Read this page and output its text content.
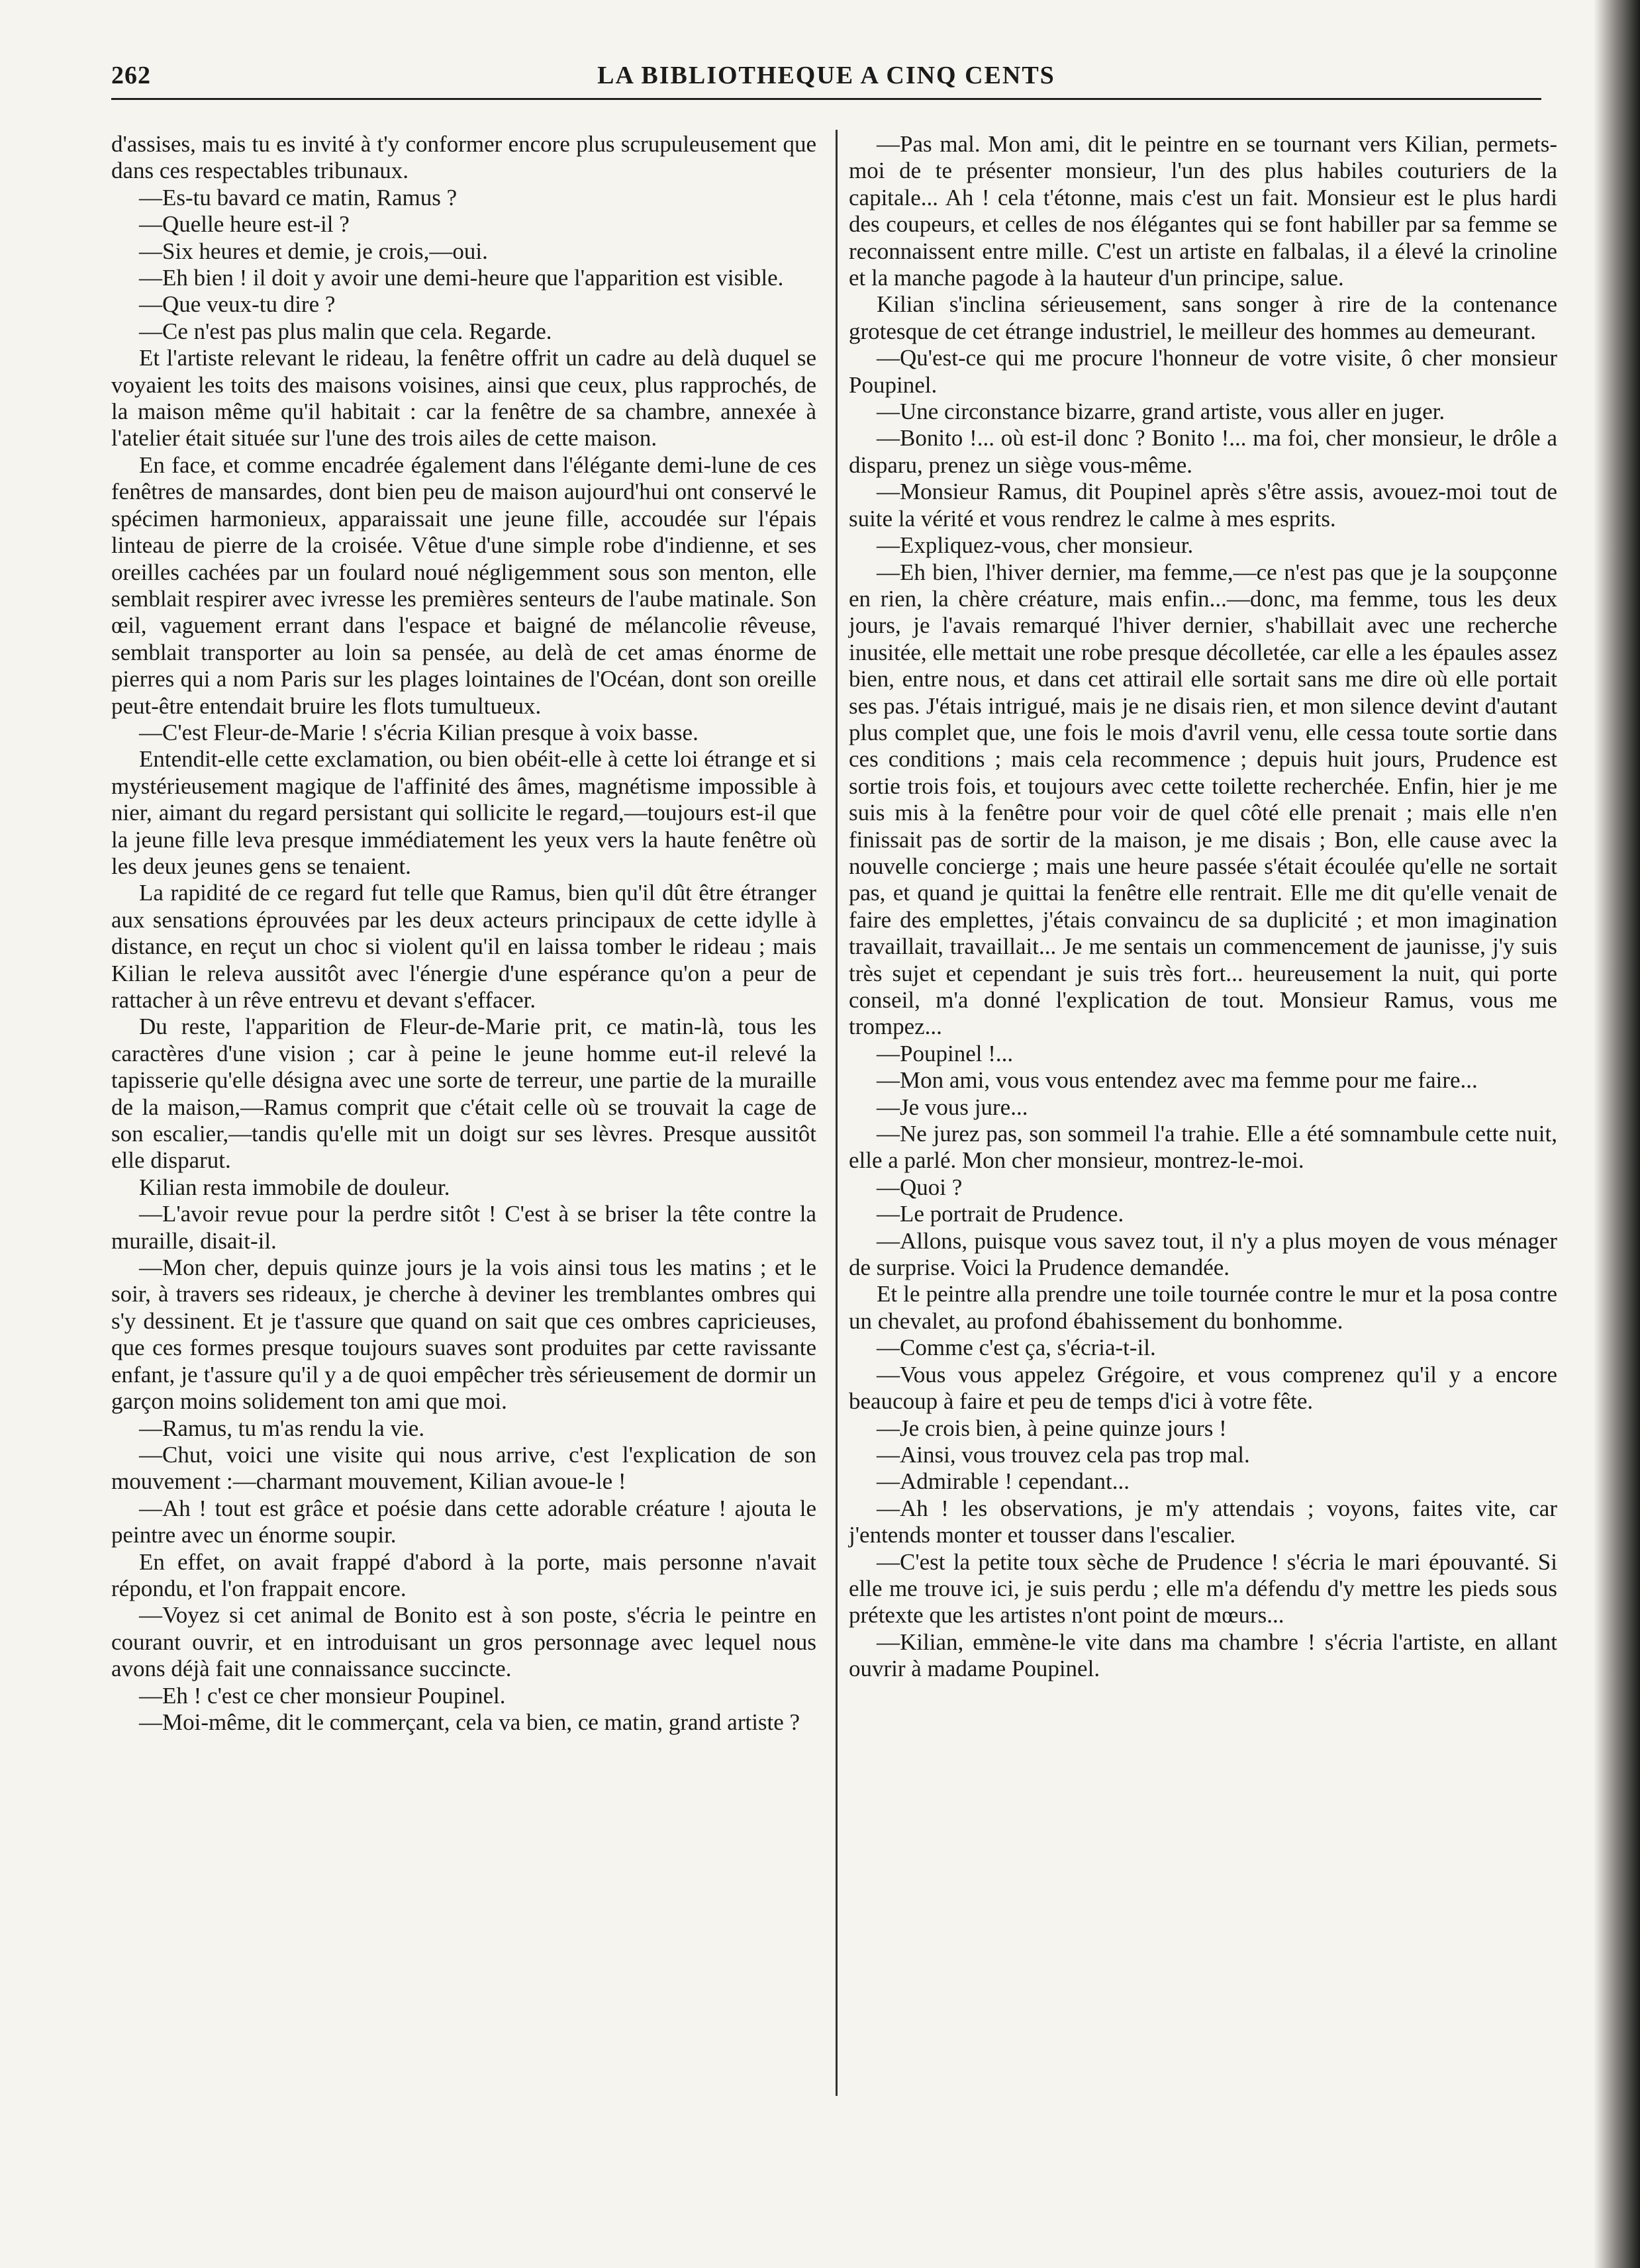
262	LA BIBLIOTHEQUE A CINQ CENTS

d'assises, mais tu es invité à t'y conformer encore plus scrupuleusement que dans ces respectables tribunaux.

—Es-tu bavard ce matin, Ramus ?

—Quelle heure est-il ?

—Six heures et demie, je crois,—oui.

—Eh bien ! il doit y avoir une demi-heure que l'apparition est visible.

—Que veux-tu dire ?

—Ce n'est pas plus malin que cela. Regarde.

Et l'artiste relevant le rideau, la fenêtre offrit un cadre au delà duquel se voyaient les toits des maisons voisines, ainsi que ceux, plus rapprochés, de la maison même qu'il habitait : car la fenêtre de sa chambre, annexée à l'atelier était située sur l'une des trois ailes de cette maison.

En face, et comme encadrée également dans l'élégante demi-lune de ces fenêtres de mansardes, dont bien peu de maison aujourd'hui ont conservé le spécimen harmonieux, apparaissait une jeune fille, accoudée sur l'épais linteau de pierre de la croisée. Vêtue d'une simple robe d'indienne, et ses oreilles cachées par un foulard noué négligemment sous son menton, elle semblait respirer avec ivresse les premières senteurs de l'aube matinale. Son œil, vaguement errant dans l'espace et baigné de mélancolie rêveuse, semblait transporter au loin sa pensée, au delà de cet amas énorme de pierres qui a nom Paris sur les plages lointaines de l'Océan, dont son oreille peut-être entendait bruire les flots tumultueux.

—C'est Fleur-de-Marie ! s'écria Kilian presque à voix basse.

Entendit-elle cette exclamation, ou bien obéit-elle à cette loi étrange et si mystérieusement magique de l'affinité des âmes, magnétisme impossible à nier, aimant du regard persistant qui sollicite le regard,—toujours est-il que la jeune fille leva presque immédiatement les yeux vers la haute fenêtre où les deux jeunes gens se tenaient.

La rapidité de ce regard fut telle que Ramus, bien qu'il dût être étranger aux sensations éprouvées par les deux acteurs principaux de cette idylle à distance, en reçut un choc si violent qu'il en laissa tomber le rideau ; mais Kilian le releva aussitôt avec l'énergie d'une espérance qu'on a peur de rattacher à un rêve entrevu et devant s'effacer.

Du reste, l'apparition de Fleur-de-Marie prit, ce matin-là, tous les caractères d'une vision ; car à peine le jeune homme eut-il relevé la tapisserie qu'elle désigna avec une sorte de terreur, une partie de la muraille de la maison,—Ramus comprit que c'était celle où se trouvait la cage de son escalier,—tandis qu'elle mit un doigt sur ses lèvres. Presque aussitôt elle disparut.

Kilian resta immobile de douleur.

—L'avoir revue pour la perdre sitôt ! C'est à se briser la tête contre la muraille, disait-il.

—Mon cher, depuis quinze jours je la vois ainsi tous les matins ; et le soir, à travers ses rideaux, je cherche à deviner les tremblantes ombres qui s'y dessinent. Et je t'assure que quand on sait que ces ombres capricieuses, que ces formes presque toujours suaves sont produites par cette ravissante enfant, je t'assure qu'il y a de quoi empêcher très sérieusement de dormir un garçon moins solidement ton ami que moi.

—Ramus, tu m'as rendu la vie.

—Chut, voici une visite qui nous arrive, c'est l'explication de son mouvement :—charmant mouvement, Kilian avoue-le !

—Ah ! tout est grâce et poésie dans cette adorable créature ! ajouta le peintre avec un énorme soupir.

En effet, on avait frappé d'abord à la porte, mais personne n'avait répondu, et l'on frappait encore.

—Voyez si cet animal de Bonito est à son poste, s'écria le peintre en courant ouvrir, et en introduisant un gros personnage avec lequel nous avons déjà fait une connaissance succincte.

—Eh ! c'est ce cher monsieur Poupinel.

—Moi-même, dit le commerçant, cela va bien, ce matin, grand artiste ?

—Pas mal. Mon ami, dit le peintre en se tournant vers Kilian, permets-moi de te présenter monsieur, l'un des plus habiles couturiers de la capitale... Ah ! cela t'étonne, mais c'est un fait. Monsieur est le plus hardi des coupeurs, et celles de nos élégantes qui se font habiller par sa femme se reconnaissent entre mille. C'est un artiste en falbalas, il a élevé la crinoline et la manche pagode à la hauteur d'un principe, salue.

Kilian s'inclina sérieusement, sans songer à rire de la contenance grotesque de cet étrange industriel, le meilleur des hommes au demeurant.

—Qu'est-ce qui me procure l'honneur de votre visite, ô cher monsieur Poupinel.

—Une circonstance bizarre, grand artiste, vous aller en juger.

—Bonito !... où est-il donc ? Bonito !... ma foi, cher monsieur, le drôle a disparu, prenez un siège vous-même.

—Monsieur Ramus, dit Poupinel après s'être assis, avouez-moi tout de suite la vérité et vous rendrez le calme à mes esprits.

—Expliquez-vous, cher monsieur.

—Eh bien, l'hiver dernier, ma femme,—ce n'est pas que je la soupçonne en rien, la chère créature, mais enfin...—donc, ma femme, tous les deux jours, je l'avais remarqué l'hiver dernier, s'habillait avec une recherche inusitée, elle mettait une robe presque décolletée, car elle a les épaules assez bien, entre nous, et dans cet attirail elle sortait sans me dire où elle portait ses pas. J'étais intrigué, mais je ne disais rien, et mon silence devint d'autant plus complet que, une fois le mois d'avril venu, elle cessa toute sortie dans ces conditions ; mais cela recommence ; depuis huit jours, Prudence est sortie trois fois, et toujours avec cette toilette recherchée. Enfin, hier je me suis mis à la fenêtre pour voir de quel côté elle prenait ; mais elle n'en finissait pas de sortir de la maison, je me disais ; Bon, elle cause avec la nouvelle concierge ; mais une heure passée s'était écoulée qu'elle ne sortait pas, et quand je quittai la fenêtre elle rentrait. Elle me dit qu'elle venait de faire des emplettes, j'étais convaincu de sa duplicité ; et mon imagination travaillait, travaillait... Je me sentais un commencement de jaunisse, j'y suis très sujet et cependant je suis très fort... heureusement la nuit, qui porte conseil, m'a donné l'explication de tout. Monsieur Ramus, vous me trompez...

—Poupinel !...

—Mon ami, vous vous entendez avec ma femme pour me faire...

—Je vous jure...

—Ne jurez pas, son sommeil l'a trahie. Elle a été somnambule cette nuit, elle a parlé. Mon cher monsieur, montrez-le-moi.

—Quoi ?

—Le portrait de Prudence.

—Allons, puisque vous savez tout, il n'y a plus moyen de vous ménager de surprise. Voici la Prudence demandée.

Et le peintre alla prendre une toile tournée contre le mur et la posa contre un chevalet, au profond ébahissement du bonhomme.

—Comme c'est ça, s'écria-t-il.

—Vous vous appelez Grégoire, et vous comprenez qu'il y a encore beaucoup à faire et peu de temps d'ici à votre fête.

—Je crois bien, à peine quinze jours !

—Ainsi, vous trouvez cela pas trop mal.

—Admirable ! cependant...

—Ah ! les observations, je m'y attendais ; voyons, faites vite, car j'entends monter et tousser dans l'escalier.

—C'est la petite toux sèche de Prudence ! s'écria le mari épouvanté. Si elle me trouve ici, je suis perdu ; elle m'a défendu d'y mettre les pieds sous prétexte que les artistes n'ont point de mœurs...

—Kilian, emmène-le vite dans ma chambre ! s'écria l'artiste, en allant ouvrir à madame Poupinel.
